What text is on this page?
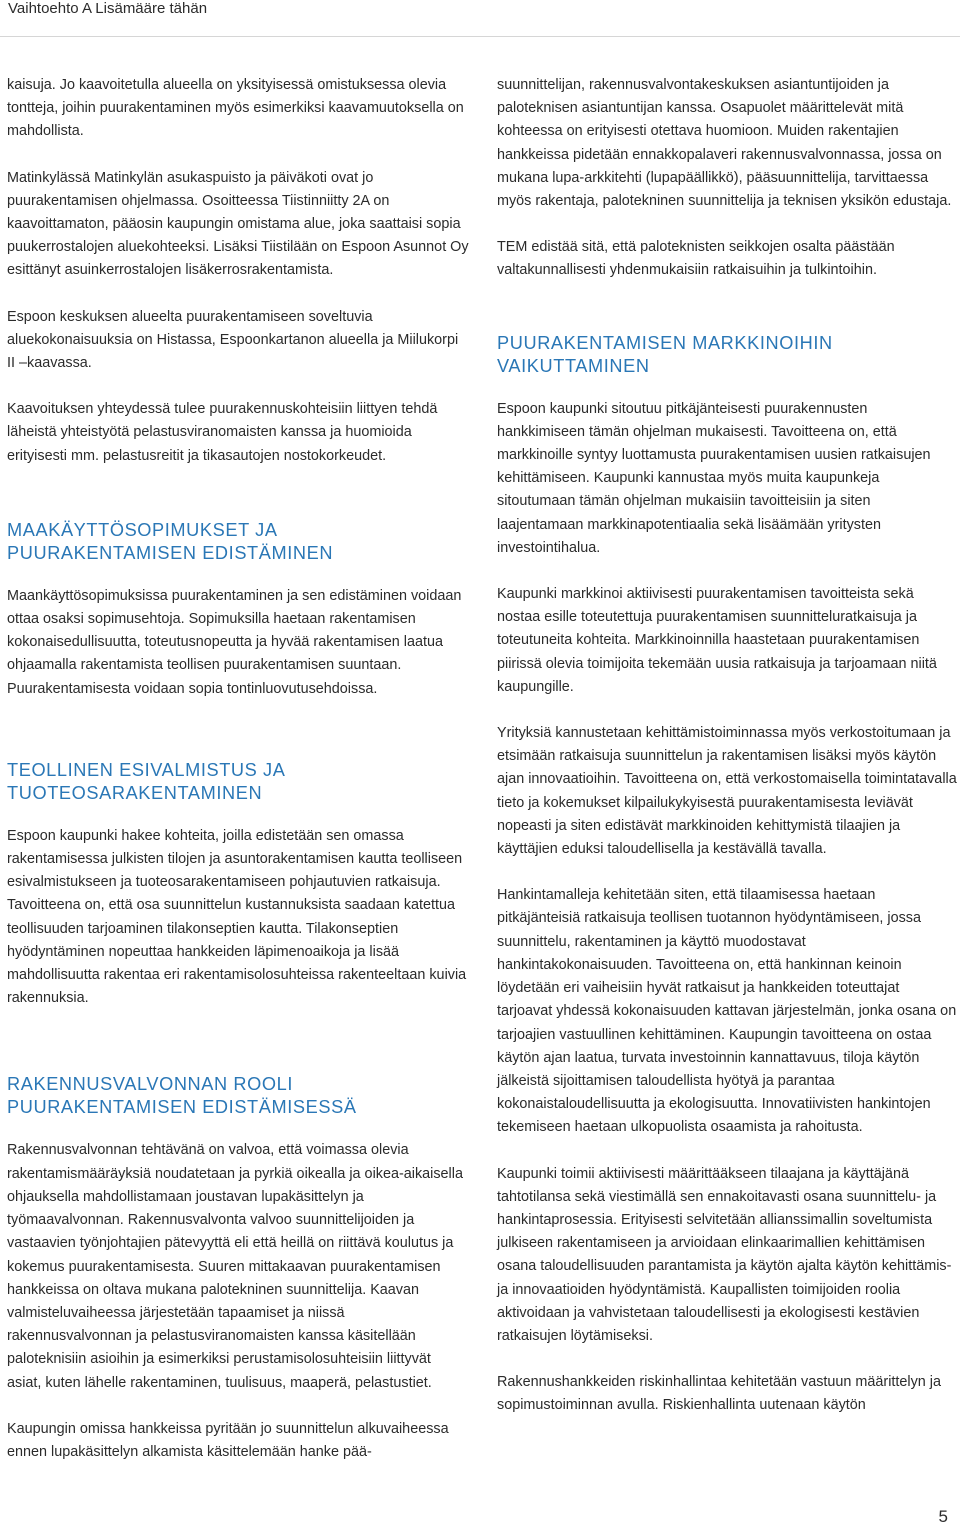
Vaihtoehto A Lisämääre tähän

kaisuja. Jo kaavoitetulla alueella on yksityisessä omistuksessa olevia tontteja, joihin puurakentaminen myös esimerkiksi kaavamuutoksella on mahdollista.

Matinkylässä Matinkylän asukaspuisto ja päiväkoti ovat jo puurakentamisen ohjelmassa. Osoitteessa Tiistinniitty 2A on kaavoittamaton, pääosin kaupungin omistama alue, joka saattaisi sopia puukerrostalojen aluekohteeksi. Lisäksi Tiistilään on Espoon Asunnot Oy esittänyt asuinkerrostalojen lisäkerrosrakentamista.

Espoon keskuksen alueelta puurakentamiseen soveltuvia aluekokonaisuuksia on Histassa, Espoonkartanon alueella ja Miilukorpi II –kaavassa.

Kaavoituksen yhteydessä tulee puurakennuskohteisiin liittyen tehdä läheistä yhteistyötä pelastusviranomaisten kanssa ja huomioida erityisesti mm. pelastusreitit ja tikasautojen nostokorkeudet.

MAAKÄYTTÖSOPIMUKSET JA PUURAKENTAMISEN EDISTÄMINEN

Maankäyttösopimuksissa puurakentaminen ja sen edistäminen voidaan ottaa osaksi sopimusehtoja. Sopimuksilla haetaan rakentamisen kokonaisedullisuutta, toteutusnopeutta ja hyvää rakentamisen laatua ohjaamalla rakentamista teollisen puurakentamisen suuntaan. Puurakentamisesta voidaan sopia tontinluovutusehdoissa.

TEOLLINEN ESIVALMISTUS JA TUOTEOSARAKENTAMINEN

Espoon kaupunki hakee kohteita, joilla edistetään sen omassa rakentamisessa julkisten tilojen ja asuntorakentamisen kautta teolliseen esivalmistukseen ja tuoteosarakentamiseen pohjautuvien ratkaisuja. Tavoitteena on, että osa suunnittelun kustannuksista saadaan katettua teollisuuden tarjoaminen tilakonseptien kautta. Tilakonseptien hyödyntäminen nopeuttaa hankkeiden läpimenoaikoja ja lisää mahdollisuutta rakentaa eri rakentamisolosuhteissa rakenteeltaan kuivia rakennuksia.

RAKENNUSVALVONNAN ROOLI PUURAKENTAMISEN EDISTÄMISESSÄ

Rakennusvalvonnan tehtävänä on valvoa, että voimassa olevia rakentamismääräyksiä noudatetaan ja pyrkiä oikealla ja oikea-aikaisella ohjauksella mahdollistamaan joustavan lupakäsittelyn ja työmaavalvonnan. Rakennusvalvonta valvoo suunnittelijoiden ja vastaavien työnjohtajien pätevyyttä eli että heillä on riittävä koulutus ja kokemus puurakentamisesta. Suuren mittakaavan puurakentamisen hankkeissa on oltava mukana palotekninen suunnittelija. Kaavan valmisteluvaiheessa järjestetään tapaamiset ja niissä rakennusvalvonnan ja pelastusviranomaisten kanssa käsitellään paloteknisiin asioihin ja esimerkiksi perustamisolosuhteisiin liittyvät asiat, kuten lähelle rakentaminen, tuulisuus, maaperä, pelastustiet.

Kaupungin omissa hankkeissa pyritään jo suunnittelun alkuvaiheessa ennen lupakäsittelyn alkamista käsittelemään hanke pää-

suunnittelijan, rakennusvalvontakeskuksen asiantuntijoiden ja paloteknisen asiantuntijan kanssa. Osapuolet määrittelevät mitä kohteessa on erityisesti otettava huomioon. Muiden rakentajien hankkeissa pidetään ennakkopalaveri rakennusvalvonnassa, jossa on mukana lupa-arkkitehti (lupapäällikkö), pääsuunnittelija, tarvittaessa myös rakentaja, palotekninen suunnittelija ja teknisen yksikön edustaja.

TEM edistää sitä, että paloteknisten seikkojen osalta päästään valtakunnallisesti yhdenmukaisiin ratkaisuihin ja tulkintoihin.

PUURAKENTAMISEN MARKKINOIHIN VAIKUTTAMINEN

Espoon kaupunki sitoutuu pitkäjänteisesti puurakennusten hankkimiseen tämän ohjelman mukaisesti. Tavoitteena on, että markkinoille syntyy luottamusta puurakentamisen uusien ratkaisujen kehittämiseen. Kaupunki kannustaa myös muita kaupunkeja sitoutumaan tämän ohjelman mukaisiin tavoitteisiin ja siten laajentamaan markkinapotentiaalia sekä lisäämään yritysten investointihalua.

Kaupunki markkinoi aktiivisesti puurakentamisen tavoitteista sekä nostaa esille toteutettuja puurakentamisen suunnitteluratkaisuja ja toteutuneita kohteita. Markkinoinnilla haastetaan puurakentamisen piirissä olevia toimijoita tekemään uusia ratkaisuja ja tarjoamaan niitä kaupungille.

Yrityksiä kannustetaan kehittämistoiminnassa myös verkostoitumaan ja etsimään ratkaisuja suunnittelun ja rakentamisen lisäksi myös käytön ajan innovaatioihin. Tavoitteena on, että verkostomaisella toimintatavalla tieto ja kokemukset kilpailukykyisestä puurakentamisesta leviävät nopeasti ja siten edistävät markkinoiden kehittymistä tilaajien ja käyttäjien eduksi taloudellisella ja kestävällä tavalla.

Hankintamalleja kehitetään siten, että tilaamisessa haetaan pitkäjänteisiä ratkaisuja teollisen tuotannon hyödyntämiseen, jossa suunnittelu, rakentaminen ja käyttö muodostavat hankintakokonaisuuden. Tavoitteena on, että hankinnan keinoin löydetään eri vaiheisiin hyvät ratkaisut ja hankkeiden toteuttajat tarjoavat yhdessä kokonaisuuden kattavan järjestelmän, jonka osana on tarjoajien vastuullinen kehittäminen. Kaupungin tavoitteena on ostaa käytön ajan laatua, turvata investoinnin kannattavuus, tiloja käytön jälkeistä sijoittamisen taloudellista hyötyä ja parantaa kokonaistaloudellisuutta ja ekologisuutta. Innovatiivisten hankintojen tekemiseen haetaan ulkopuolista osaamista ja rahoitusta.

Kaupunki toimii aktiivisesti määrittääkseen tilaajana ja käyttäjänä tahtotilansa sekä viestimällä sen ennakoitavasti osana suunnittelu- ja hankintaprosessia. Erityisesti selvitetään allianssimallin soveltumista julkiseen rakentamiseen ja arvioidaan elinkaarimallien kehittämisen osana taloudellisuuden parantamista ja käytön ajalta käytön kehittämis- ja innovaatioiden hyödyntämistä. Kaupallisten toimijoiden roolia aktivoidaan ja vahvistetaan taloudellisesti ja ekologisesti kestävien ratkaisujen löytämiseksi.

Rakennushankkeiden riskinhallintaa kehitetään vastuun määrittelyn ja sopimustoiminnan avulla. Riskienhallinta uutenaan käytön

5
